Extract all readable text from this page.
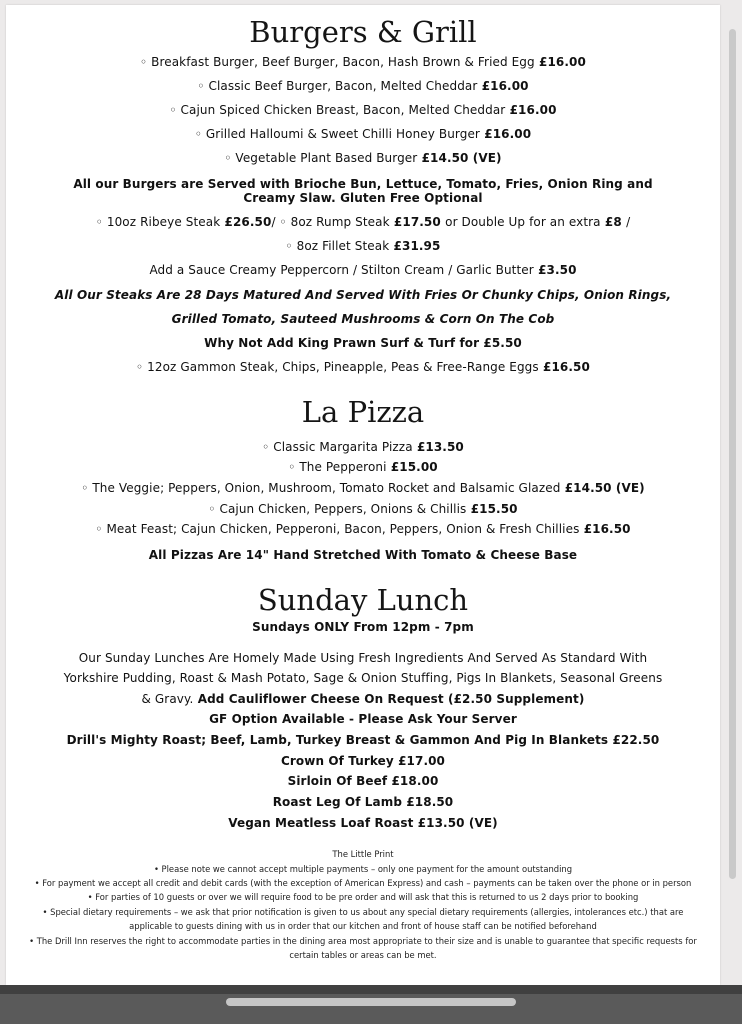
Burgers & Grill
◦ Breakfast Burger, Beef Burger, Bacon, Hash Brown & Fried Egg £16.00
◦ Classic Beef Burger, Bacon, Melted Cheddar £16.00
◦ Cajun Spiced Chicken Breast, Bacon, Melted Cheddar £16.00
◦ Grilled Halloumi & Sweet Chilli Honey Burger £16.00
◦ Vegetable Plant Based Burger £14.50 (VE)
All our Burgers are Served with Brioche Bun, Lettuce, Tomato, Fries, Onion Ring and
Creamy Slaw. Gluten Free Optional
◦ 10oz Ribeye Steak £26.50/ ◦ 8oz Rump Steak £17.50 or Double Up for an extra £8 /
◦ 8oz Fillet Steak £31.95
Add a Sauce Creamy Peppercorn / Stilton Cream / Garlic Butter £3.50
All Our Steaks Are 28 Days Matured And Served With Fries Or Chunky Chips, Onion Rings,
Grilled Tomato, Sauteed Mushrooms & Corn On The Cob
Why Not Add King Prawn Surf & Turf for £5.50
◦ 12oz Gammon Steak, Chips, Pineapple, Peas & Free-Range Eggs £16.50
La Pizza
◦ Classic Margarita Pizza £13.50
◦ The Pepperoni £15.00
◦ The Veggie; Peppers, Onion, Mushroom, Tomato Rocket and Balsamic Glazed £14.50 (VE)
◦ Cajun Chicken, Peppers, Onions & Chillis £15.50
◦ Meat Feast; Cajun Chicken, Pepperoni, Bacon, Peppers, Onion & Fresh Chillies £16.50
All Pizzas Are 14" Hand Stretched With Tomato & Cheese Base
Sunday Lunch
Sundays ONLY From 12pm - 7pm
Our Sunday Lunches Are Homely Made Using Fresh Ingredients And Served As Standard With
Yorkshire Pudding, Roast & Mash Potato, Sage & Onion Stuffing, Pigs In Blankets, Seasonal Greens
& Gravy. Add Cauliflower Cheese On Request (£2.50 Supplement)
GF Option Available - Please Ask Your Server
Drill's Mighty Roast; Beef, Lamb, Turkey Breast & Gammon And Pig In Blankets £22.50
Crown Of Turkey £17.00
Sirloin Of Beef £18.00
Roast Leg Of Lamb £18.50
Vegan Meatless Loaf Roast £13.50 (VE)
The Little Print
• Please note we cannot accept multiple payments – only one payment for the amount outstanding
• For payment we accept all credit and debit cards (with the exception of American Express) and cash – payments can be taken over the phone or in person
• For parties of 10 guests or over we will require food to be pre order and will ask that this is returned to us 2 days prior to booking
• Special dietary requirements – we ask that prior notification is given to us about any special dietary requirements (allergies, intolerances etc.) that are
applicable to guests dining with us in order that our kitchen and front of house staff can be notified beforehand
• The Drill Inn reserves the right to accommodate parties in the dining area most appropriate to their size and is unable to guarantee that specific requests for
certain tables or areas can be met.
